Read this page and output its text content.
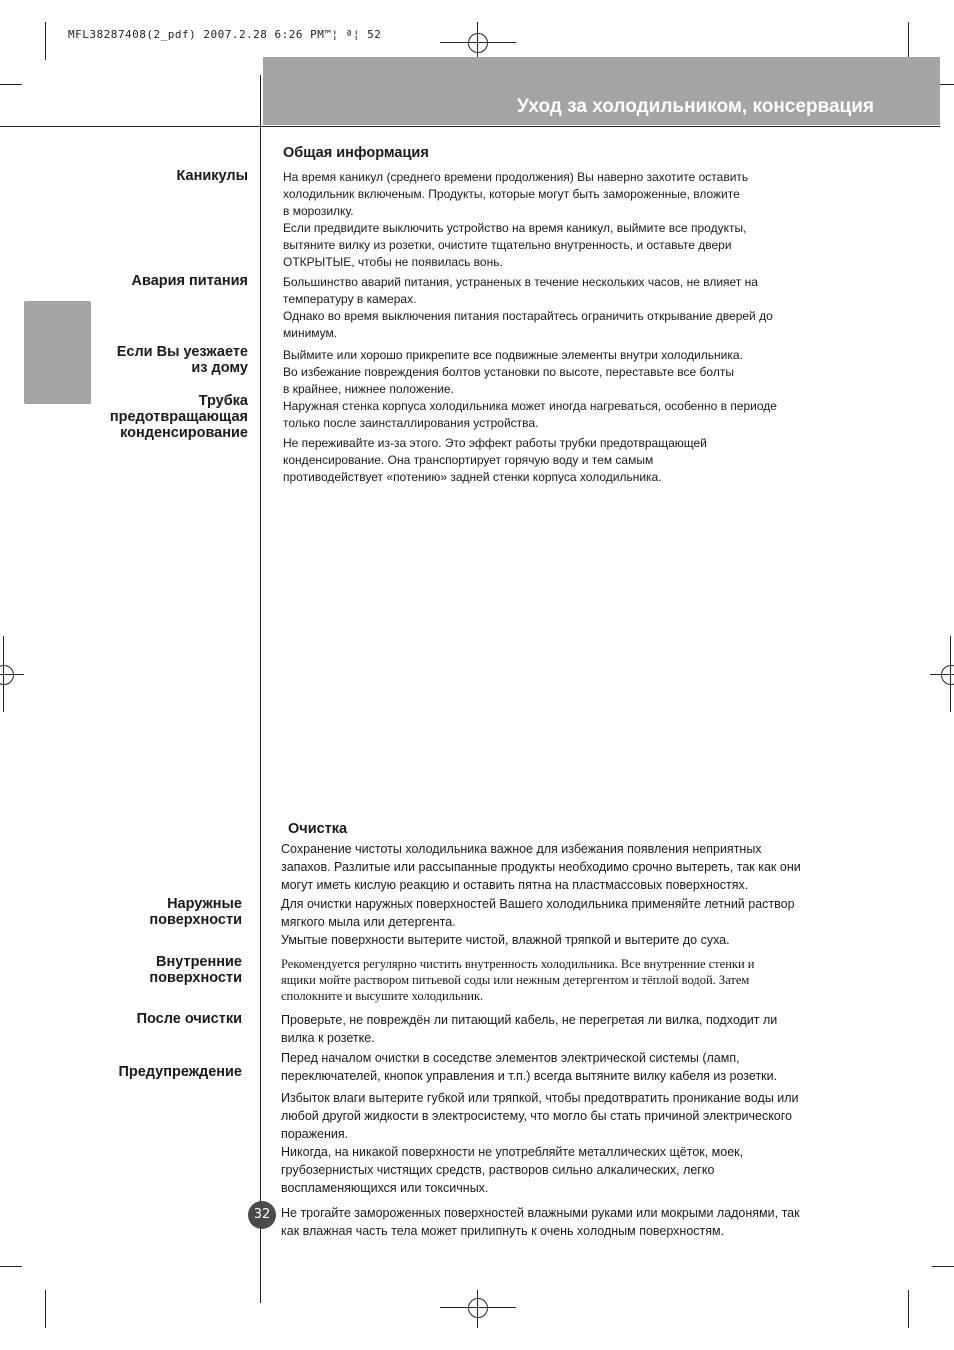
MFL38287408(2_pdf) 2007.2.28 6:26 PM™¦ ª¦ 52
Уход за холодильником, консервация
Общая информация
Каникулы
Авария питания
Если Вы уезжаете
из дому
Трубка
предотвращающая
конденсирование
На время каникул (среднего времени продолжения) Вы наверно захотите оставить
холодильник включеным. Продукты, которые могут быть замороженные, вложите
в морозилку.
Если предвидите выключить устройство на время каникул, выймите все продукты,
вытяните вилку из розетки, очистите тщательно внутренность, и оставьте двери
ОТКРЫТЫЕ, чтобы не появилась вонь.
Большинство аварий питания, устраненых в течение нескольких часов, не влияет на
температуру в камерах.
Однако во время выключения питания постарайтесь ограничить открывание дверей до
минимум.
Выймите или хорошо прикрепите все подвижные элементы внутри холодильника.
Во избежание повреждения болтов установки по высоте, переставьте все болты
в крайнее, нижнее положение.
Наружная стенка корпуса холодильника может иногда нагреваться, особенно в периоде
только после заинсталлирования устройства.
Не переживайте из-за этого. Это эффект работы трубки предотвращающей
конденсирование. Она транспортирует горячую воду и тем самым
противодействует «потению» задней стенки корпуса холодильника.
Очистка
Сохранение чистоты холодильника важное для избежания появления неприятных
запахов. Разлитые или рассыпанные продукты необходимо срочно вытереть, так как они
могут иметь кислую реакцию и оставить пятна на пластмассовых поверхностях.
Наружные
поверхности
Для очистки наружных поверхностей Вашего холодильника применяйте летний раствор
мягкого мыла или детергента.
Умытые поверхности вытерите чистой, влажной тряпкой и вытерите до суха.
Внутренние
поверхности
Рекомендуется регулярно чистить внутренность холодильника. Все внутренние стенки и
ящики мойте раствором питьевой соды или нежным детергентом и тёплой водой. Затем
сполокните и высушите холодильник.
После очистки	Проверьте, не повреждён ли питающий кабель, не перегретая ли вилка, подходит ли
вилка к розетке.
Предупреждение
Перед началом очистки в соседстве элементов электрической системы (ламп,
переключателей, кнопок управления и т.п.) всегда вытяните вилку кабеля из розетки.
Избыток влаги вытерите губкой или тряпкой, чтобы предотвратить проникание воды или
любой другой жидкости в электросистему, что могло бы стать причиной электрического
поражения.
Никогда, на никакой поверхности не употребляйте металлических щёток, моек,
грубозернистых чистящих средств, растворов сильно алкалических, легко
воспламеняющихся или токсичных.
Не трогайте замороженных поверхностей влажными руками или мокрыми ладонями, так
как влажная часть тела может прилипнуть к очень холодным поверхностям.
32
